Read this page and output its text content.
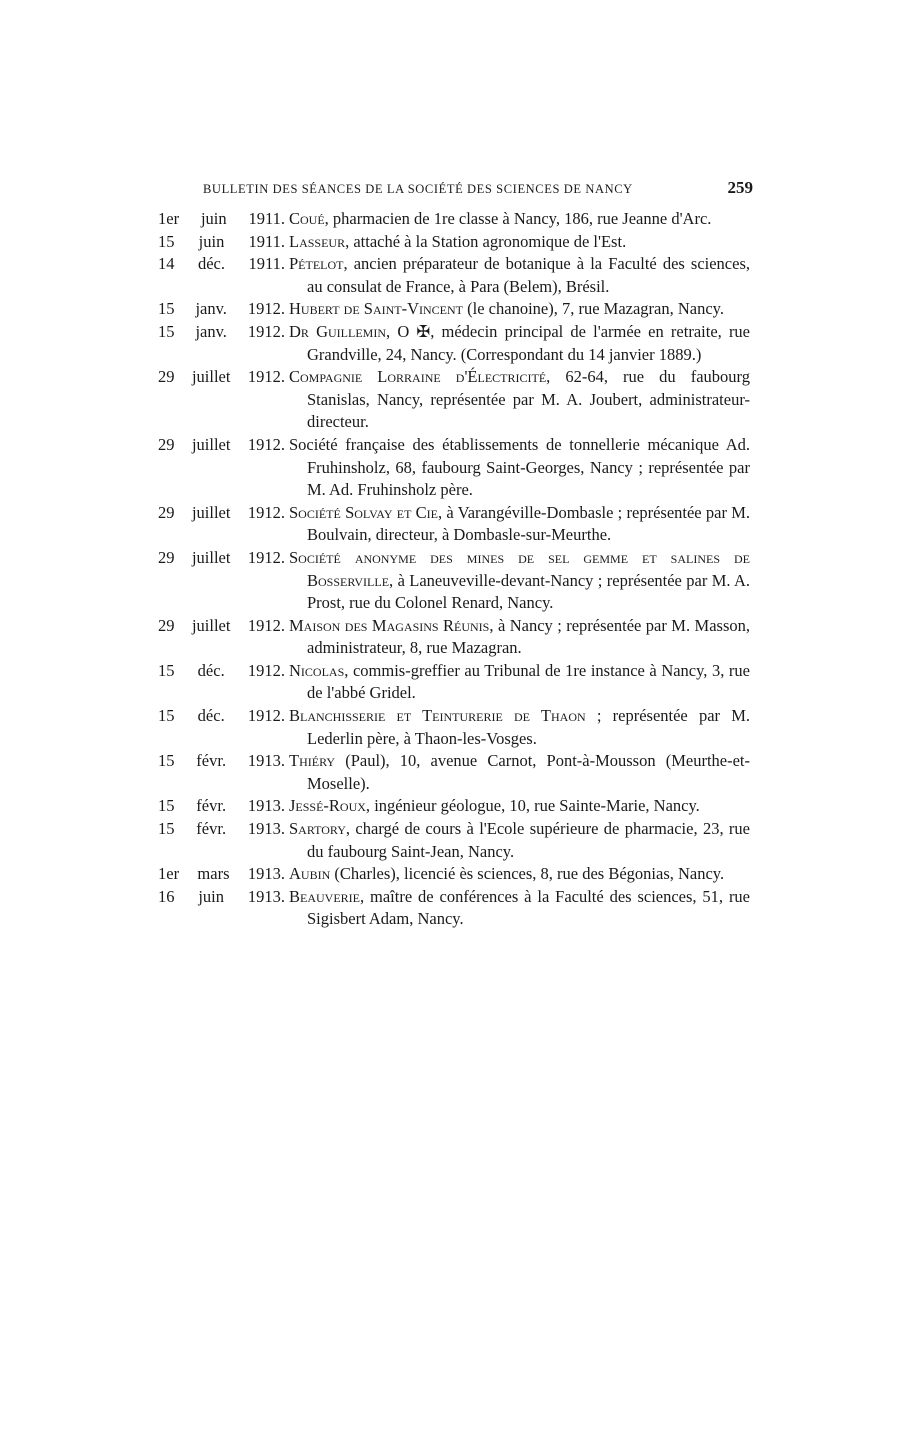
BULLETIN DES SÉANCES DE LA SOCIÉTÉ DES SCIENCES DE NANCY	259
1er juin 1911. Coué, pharmacien de 1re classe à Nancy, 186, rue Jeanne d'Arc.
15 juin 1911. Lasseur, attaché à la Station agronomique de l'Est.
14 déc. 1911. Pételot, ancien préparateur de botanique à la Faculté des sciences, au consulat de France, à Para (Belem), Brésil.
15 janv. 1912. Hubert de Saint-Vincent (le chanoine), 7, rue Mazagran, Nancy.
15 janv. 1912. Dr Guillemin, O ✠, médecin principal de l'armée en retraite, rue Grandville, 24, Nancy. (Correspondant du 14 janvier 1889.)
29 juillet 1912. Compagnie Lorraine d'Électricité, 62-64, rue du faubourg Stanislas, Nancy, représentée par M. A. Joubert, administrateur-directeur.
29 juillet 1912. Société française des établissements de tonnellerie mécanique Ad. Fruhinsholz, 68, faubourg Saint-Georges, Nancy ; représentée par M. Ad. Fruhinsholz père.
29 juillet 1912. Société Solvay et Cie, à Varangéville-Dombasle ; représentée par M. Boulvain, directeur, à Dombasle-sur-Meurthe.
29 juillet 1912. Société anonyme des mines de sel gemme et salines de Bosserville, à Laneuveville-devant-Nancy ; représentée par M. A. Prost, rue du Colonel Renard, Nancy.
29 juillet 1912. Maison des Magasins Réunis, à Nancy ; représentée par M. Masson, administrateur, 8, rue Mazagran.
15 déc. 1912. Nicolas, commis-greffier au Tribunal de 1re instance à Nancy, 3, rue de l'abbé Gridel.
15 déc. 1912. Blanchisserie et Teinturerie de Thaon ; représentée par M. Lederlin père, à Thaon-les-Vosges.
15 févr. 1913. Thiéry (Paul), 10, avenue Carnot, Pont-à-Mousson (Meurthe-et-Moselle).
15 févr. 1913. Jessé-Roux, ingénieur géologue, 10, rue Sainte-Marie, Nancy.
15 févr. 1913. Sartory, chargé de cours à l'Ecole supérieure de pharmacie, 23, rue du faubourg Saint-Jean, Nancy.
1er mars 1913. Aubin (Charles), licencié ès sciences, 8, rue des Bégonias, Nancy.
16 juin 1913. Beauverie, maître de conférences à la Faculté des sciences, 51, rue Sigisbert Adam, Nancy.
